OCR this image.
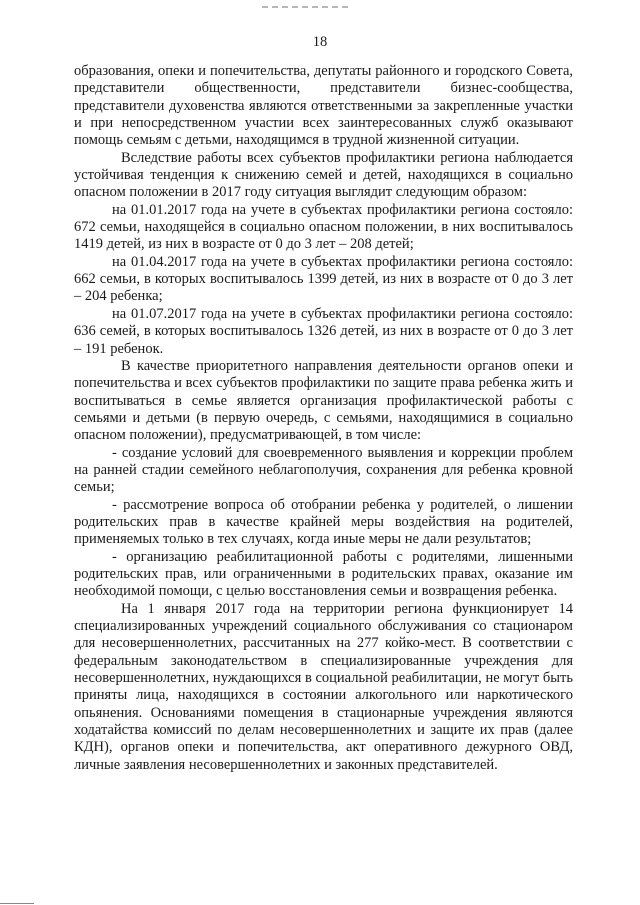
18

образования, опеки и попечительства, депутаты районного и городского Совета, представители общественности, представители бизнес-сообщества, представители духовенства являются ответственными за закрепленные участки и при непосредственном участии всех заинтересованных служб оказывают помощь семьям с детьми, находящимся в трудной жизненной ситуации.

Вследствие работы всех субъектов профилактики региона наблюдается устойчивая тенденция к снижению семей и детей, находящихся в социально опасном положении в 2017 году ситуация выглядит следующим образом:

на 01.01.2017 года на учете в субъектах профилактики региона состояло: 672 семьи, находящейся в социально опасном положении, в них воспитывалось 1419 детей, из них в возрасте от 0 до 3 лет – 208 детей;

на 01.04.2017 года на учете в субъектах профилактики региона состояло: 662 семьи, в которых воспитывалось 1399 детей, из них в возрасте от 0 до 3 лет – 204 ребенка;

на 01.07.2017 года на учете в субъектах профилактики региона состояло: 636 семей, в которых воспитывалось 1326 детей, из них в возрасте от 0 до 3 лет – 191 ребенок.

В качестве приоритетного направления деятельности органов опеки и попечительства и всех субъектов профилактики по защите права ребенка жить и воспитываться в семье является организация профилактической работы с семьями и детьми (в первую очередь, с семьями, находящимися в социально опасном положении), предусматривающей, в том числе:

- создание условий для своевременного выявления и коррекции проблем на ранней стадии семейного неблагополучия, сохранения для ребенка кровной семьи;

- рассмотрение вопроса об отобрании ребенка у родителей, о лишении родительских прав в качестве крайней меры воздействия на родителей, применяемых только в тех случаях, когда иные меры не дали результатов;

- организацию реабилитационной работы с родителями, лишенными родительских прав, или ограниченными в родительских правах, оказание им необходимой помощи, с целью восстановления семьи и возвращения ребенка.

На 1 января 2017 года на территории региона функционирует 14 специализированных учреждений социального обслуживания со стационаром для несовершеннолетних, рассчитанных на 277 койко-мест. В соответствии с федеральным законодательством в специализированные учреждения для несовершеннолетних, нуждающихся в социальной реабилитации, не могут быть приняты лица, находящихся в состоянии алкогольного или наркотического опьянения. Основаниями помещения в стационарные учреждения являются ходатайства комиссий по делам несовершеннолетних и защите их прав (далее КДН), органов опеки и попечительства, акт оперативного дежурного ОВД, личные заявления несовершеннолетних и законных представителей.
